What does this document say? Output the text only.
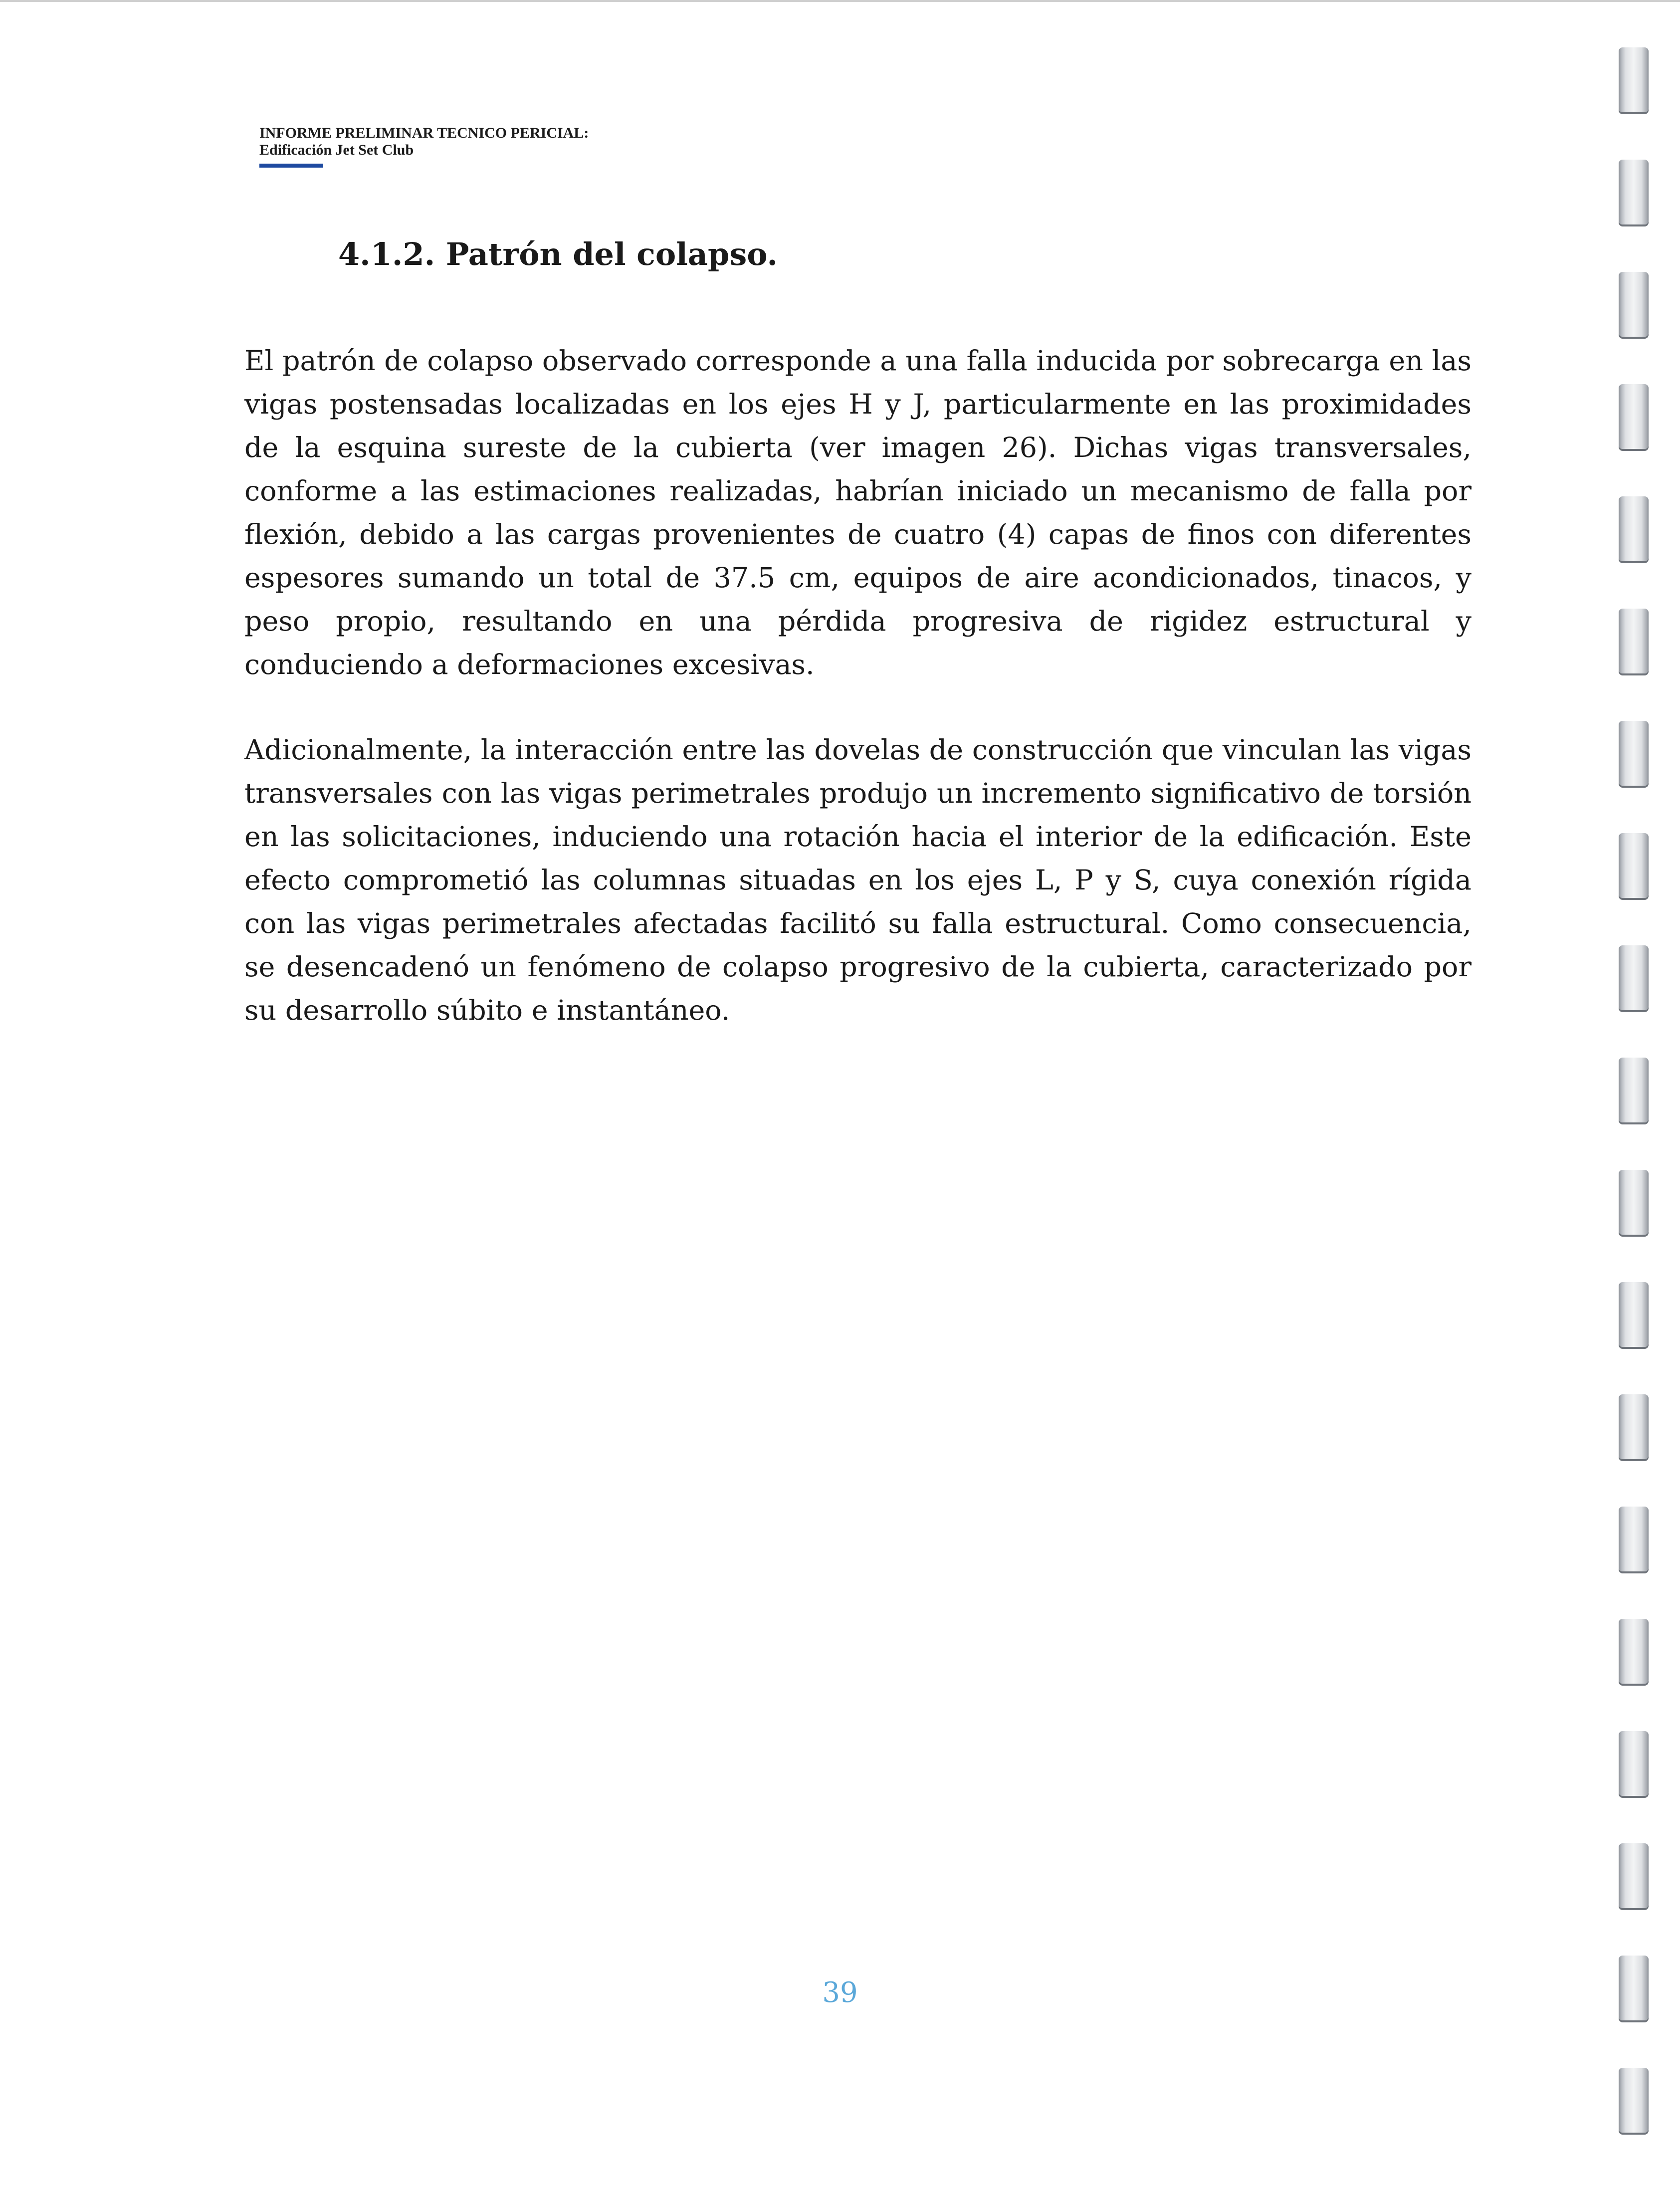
INFORME PRELIMINAR TECNICO PERICIAL:
Edificación Jet Set Club
4.1.2. Patrón del colapso.

El patrón de colapso observado corresponde a una falla inducida por sobrecarga en las vigas postensadas localizadas en los ejes H y J, particularmente en las proximidades de la esquina sureste de la cubierta (ver imagen 26). Dichas vigas transversales, conforme a las estimaciones realizadas, habrían iniciado un mecanismo de falla por flexión, debido a las cargas provenientes de cuatro (4) capas de finos con diferentes espesores sumando un total de 37.5 cm, equipos de aire acondicionados, tinacos, y peso propio, resultando en una pérdida progresiva de rigidez estructural y conduciendo a deformaciones excesivas.

Adicionalmente, la interacción entre las dovelas de construcción que vinculan las vigas transversales con las vigas perimetrales produjo un incremento significativo de torsión en las solicitaciones, induciendo una rotación hacia el interior de la edificación. Este efecto comprometió las columnas situadas en los ejes L, P y S, cuya conexión rígida con las vigas perimetrales afectadas facilitó su falla estructural. Como consecuencia, se desencadenó un fenómeno de colapso progresivo de la cubierta, caracterizado por su desarrollo súbito e instantáneo.

39
